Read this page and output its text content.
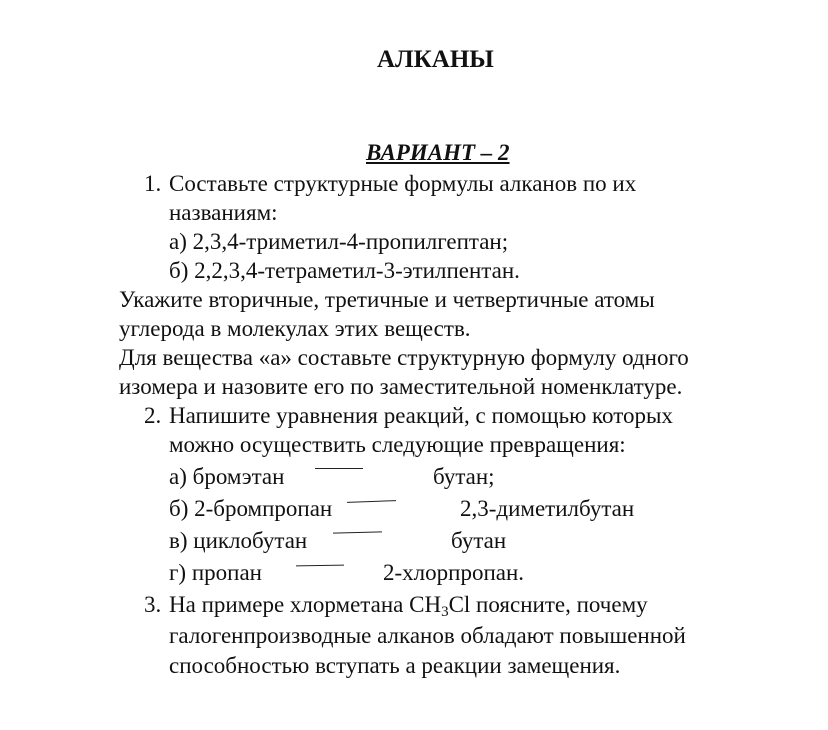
АЛКАНЫ
ВАРИАНТ – 2
1. Составьте структурные формулы алканов по их
названиям:
а) 2,3,4-триметил-4-пропилгептан;
б) 2,2,3,4-тетраметил-3-этилпентан.
Укажите вторичные, третичные и четвертичные атомы
углерода в молекулах этих веществ.
Для вещества «а» составьте структурную формулу одного
изомера и назовите его по заместительной номенклатуре.
2. Напишите уравнения реакций, с помощью которых
можно осуществить следующие превращения:
а) бромэтан	бутан;
б) 2-бромпропан	2,3-диметилбутан
в) циклобутан	бутан
г) пропан	2-хлорпропан.
3. На примере хлорметана $CH_3Cl$ поясните, почему
галогенпроизводные алканов обладают повышенной
способностью вступать а реакции замещения.
